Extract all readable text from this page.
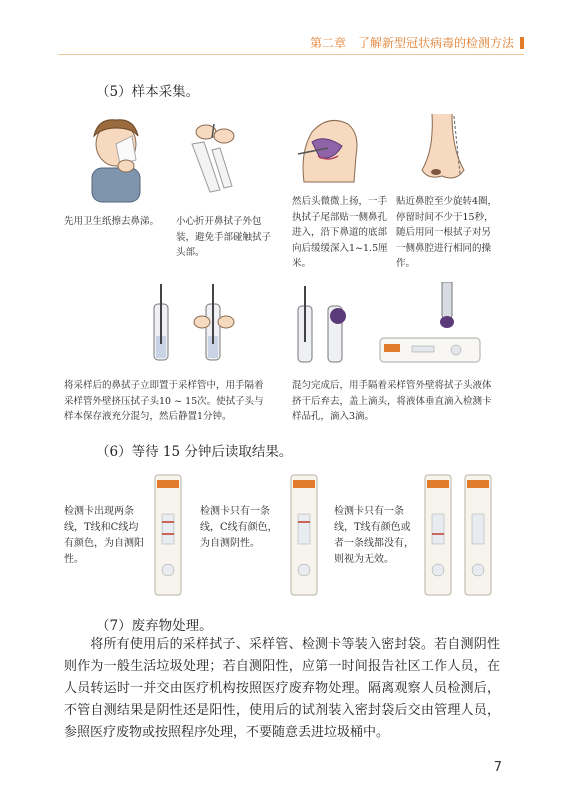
第二章　了解新型冠状病毒的检测方法
（5）样本采集。
先用卫生纸擦去鼻涕。	小心折开鼻拭子外包装，避免手部碰触拭子头部。
然后头微微上扬，一手执拭子尾部贴一侧鼻孔进入，沿下鼻道的底部向后缓缓深入1~1.5厘米。
贴近鼻腔至少旋转4圈，停留时间不少于15秒，随后用同一根拭子对另一侧鼻腔进行相同的操作。
将采样后的鼻拭子立即置于采样管中，用手隔着采样管外壁挤压拭子头10 ~ 15次。使拭子头与样本保存液充分混匀，然后静置1分钟。
混匀完成后，用手隔着采样管外壁将拭子头液体挤干后弃去，盖上滴头，将液体垂直滴入检测卡样品孔，滴入3滴。
（6）等待 15 分钟后读取结果。
检测卡出现两条线，T线和C线均有颜色，为自测阳性。
检测卡只有一条线，C线有颜色，为自测阴性。
检测卡只有一条线，T线有颜色或者一条线都没有，则视为无效。
（7）废弃物处理。
将所有使用后的采样拭子、采样管、检测卡等装入密封袋。若自测阴性则作为一般生活垃圾处理；若自测阳性，应第一时间报告社区工作人员，在人员转运时一并交由医疗机构按照医疗废弃物处理。隔离观察人员检测后，不管自测结果是阴性还是阳性，使用后的试剂装入密封袋后交由管理人员，参照医疗废物或按照程序处理，不要随意丢进垃圾桶中。
7
